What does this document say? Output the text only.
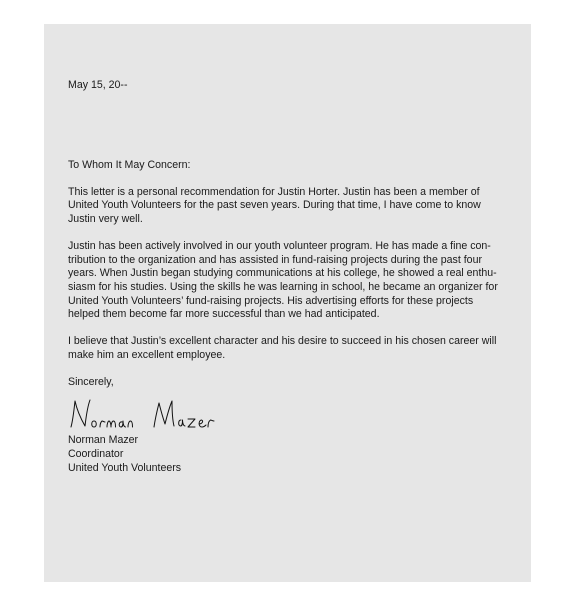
May 15, 20--

To Whom It May Concern:

This letter is a personal recommendation for Justin Horter. Justin has been a member of
United Youth Volunteers for the past seven years. During that time, I have come to know
Justin very well.
Justin has been actively involved in our youth volunteer program. He has made a fine con-
tribution to the organization and has assisted in fund-raising projects during the past four
years. When Justin began studying communications at his college, he showed a real enthu-
siasm for his studies. Using the skills he was learning in school, he became an organizer for
United Youth Volunteers’ fund-raising projects. His advertising efforts for these projects
helped them become far more successful than we had anticipated.
I believe that Justin’s excellent character and his desire to succeed in his chosen career will
make him an excellent employee.

Sincerely,

Norman Mazer
Coordinator
United Youth Volunteers
